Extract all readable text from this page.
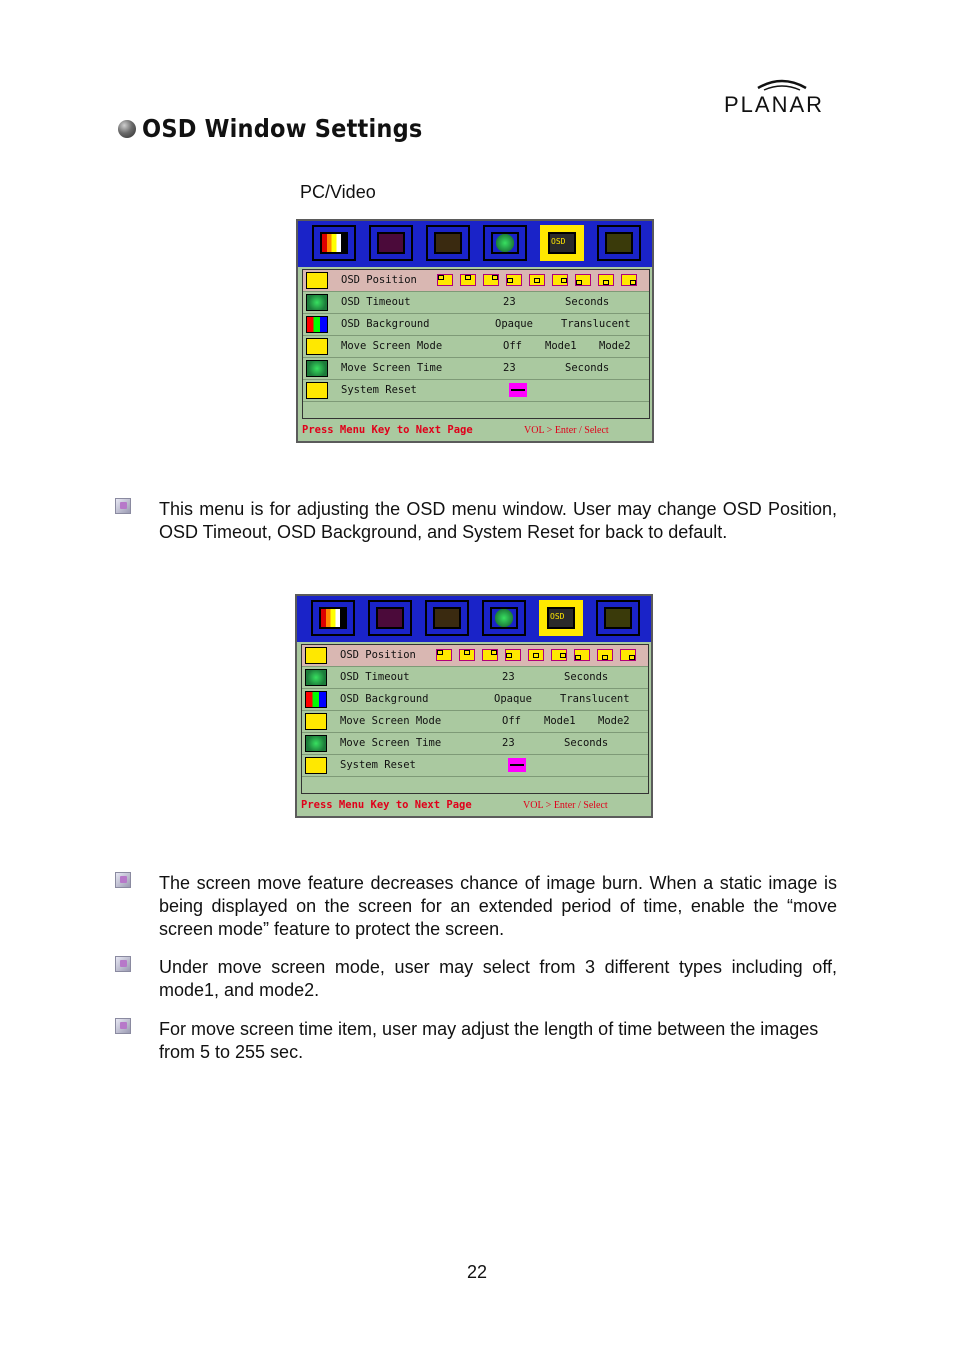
PLANAR
OSD Window Settings
PC/Video
OSD
OSD Position
OSD Timeout	23	Seconds
OSD Background	Opaque	Translucent
Move Screen Mode	Off Mode1 Mode2
Move Screen Time	23	Seconds
System Reset
Press Menu Key to Next Page	VOL > Enter / Select
OSD
OSD Position
OSD Timeout	23	Seconds
OSD Background	Opaque	Translucent
Move Screen Mode	Off Mode1 Mode2
Move Screen Time	23	Seconds
System Reset
Press Menu Key to Next Page	VOL > Enter / Select

This menu is for adjusting the OSD menu window. User may change OSD Position, OSD Timeout, OSD Background, and System Reset for back to default.

The screen move feature decreases chance of image burn. When a static image is being displayed on the screen for an extended period of time, enable the “move screen mode” feature to protect the screen.

Under move screen mode, user may select from 3 different types including off, mode1, and mode2.

For move screen time item, user may adjust the length of time between the images from 5 to 255 sec.

22
